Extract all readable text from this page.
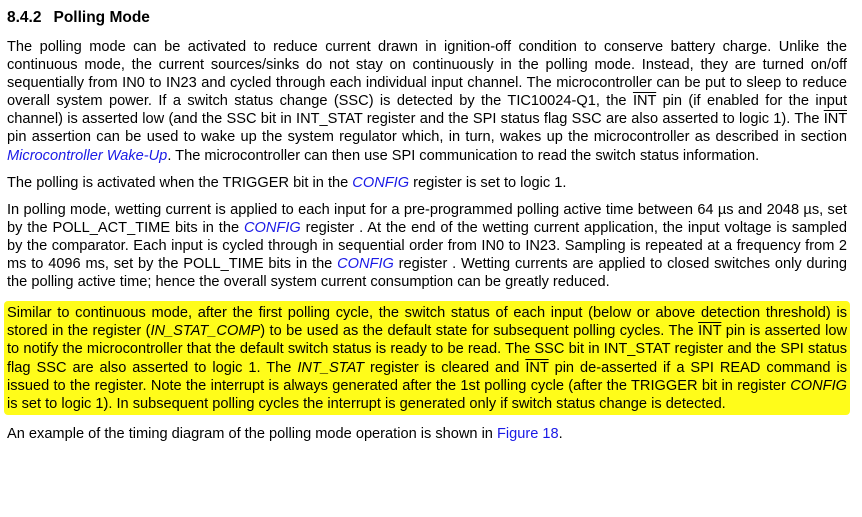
8.4.2 Polling Mode

The polling mode can be activated to reduce current drawn in ignition-off condition to conserve battery charge. Unlike the continuous mode, the current sources/sinks do not stay on continuously in the polling mode. Instead, they are turned on/off sequentially from IN0 to IN23 and cycled through each individual input channel. The microcontroller can be put to sleep to reduce overall system power. If a switch status change (SSC) is detected by the TIC10024-Q1, the $\overline{INT}$ pin (if enabled for the input channel) is asserted low (and the SSC bit in INT_STAT register and the SPI status flag SSC are also asserted to logic 1). The $\overline{INT}$ pin assertion can be used to wake up the system regulator which, in turn, wakes up the microcontroller as described in section Microcontroller Wake-Up. The microcontroller can then use SPI communication to read the switch status information.

The polling is activated when the TRIGGER bit in the CONFIG register is set to logic 1.

In polling mode, wetting current is applied to each input for a pre-programmed polling active time between 64 µs and 2048 µs, set by the POLL_ACT_TIME bits in the CONFIG register . At the end of the wetting current application, the input voltage is sampled by the comparator. Each input is cycled through in sequential order from IN0 to IN23. Sampling is repeated at a frequency from 2 ms to 4096 ms, set by the POLL_TIME bits in the CONFIG register . Wetting currents are applied to closed switches only during the polling active time; hence the overall system current consumption can be greatly reduced.

Similar to continuous mode, after the first polling cycle, the switch status of each input (below or above detection threshold) is stored in the register (IN_STAT_COMP) to be used as the default state for subsequent polling cycles. The $\overline{INT}$ pin is asserted low to notify the microcontroller that the default switch status is ready to be read. The SSC bit in INT_STAT register and the SPI status flag SSC are also asserted to logic 1. The INT_STAT register is cleared and $\overline{INT}$ pin de-asserted if a SPI READ command is issued to the register. Note the interrupt is always generated after the 1st polling cycle (after the TRIGGER bit in register CONFIG is set to logic 1). In subsequent polling cycles the interrupt is generated only if switch status change is detected.

An example of the timing diagram of the polling mode operation is shown in Figure 18.
